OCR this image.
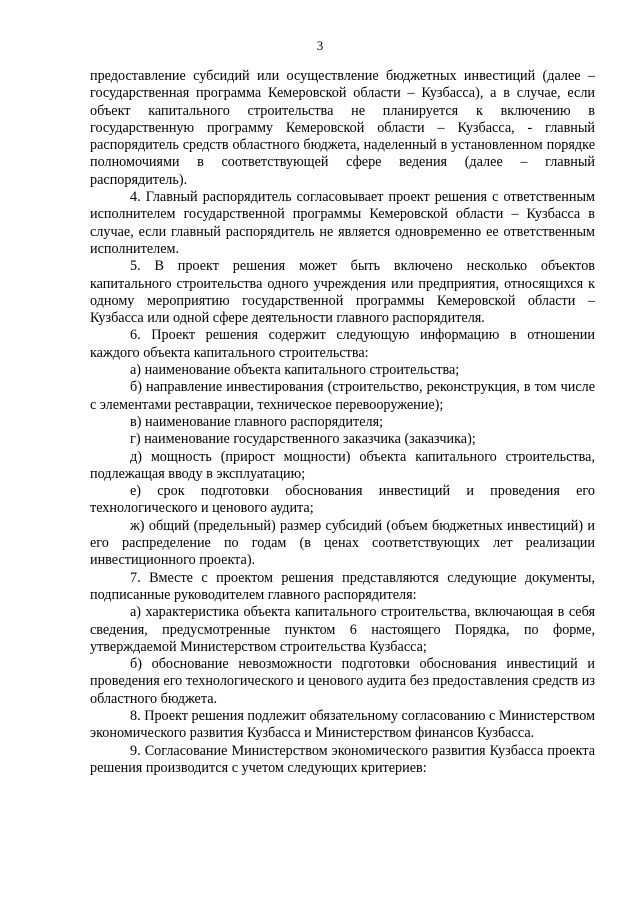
3

предоставление субсидий или осуществление бюджетных инвестиций (далее – государственная программа Кемеровской области – Кузбасса), а в случае, если объект капитального строительства не планируется к включению в государственную программу Кемеровской области – Кузбасса, - главный распорядитель средств областного бюджета, наделенный в установленном порядке полномочиями в соответствующей сфере ведения (далее – главный распорядитель).

4. Главный распорядитель согласовывает проект решения с ответственным исполнителем государственной программы Кемеровской области – Кузбасса в случае, если главный распорядитель не является одновременно ее ответственным исполнителем.

5. В проект решения может быть включено несколько объектов капитального строительства одного учреждения или предприятия, относящихся к одному мероприятию государственной программы Кемеровской области – Кузбасса или одной сфере деятельности главного распорядителя.

6. Проект решения содержит следующую информацию в отношении каждого объекта капитального строительства:

а) наименование объекта капитального строительства;

б) направление инвестирования (строительство, реконструкция, в том числе с элементами реставрации, техническое перевооружение);

в) наименование главного распорядителя;

г) наименование государственного заказчика (заказчика);

д) мощность (прирост мощности) объекта капитального строительства, подлежащая вводу в эксплуатацию;

е) срок подготовки обоснования инвестиций и проведения его технологического и ценового аудита;

ж) общий (предельный) размер субсидий (объем бюджетных инвестиций) и его распределение по годам (в ценах соответствующих лет реализации инвестиционного проекта).

7. Вместе с проектом решения представляются следующие документы, подписанные руководителем главного распорядителя:

а) характеристика объекта капитального строительства, включающая в себя сведения, предусмотренные пунктом 6 настоящего Порядка, по форме, утверждаемой Министерством строительства Кузбасса;

б) обоснование невозможности подготовки обоснования инвестиций и проведения его технологического и ценового аудита без предоставления средств из областного бюджета.

8. Проект решения подлежит обязательному согласованию с Министерством экономического развития Кузбасса и Министерством финансов Кузбасса.

9. Согласование Министерством экономического развития Кузбасса проекта решения производится с учетом следующих критериев:
